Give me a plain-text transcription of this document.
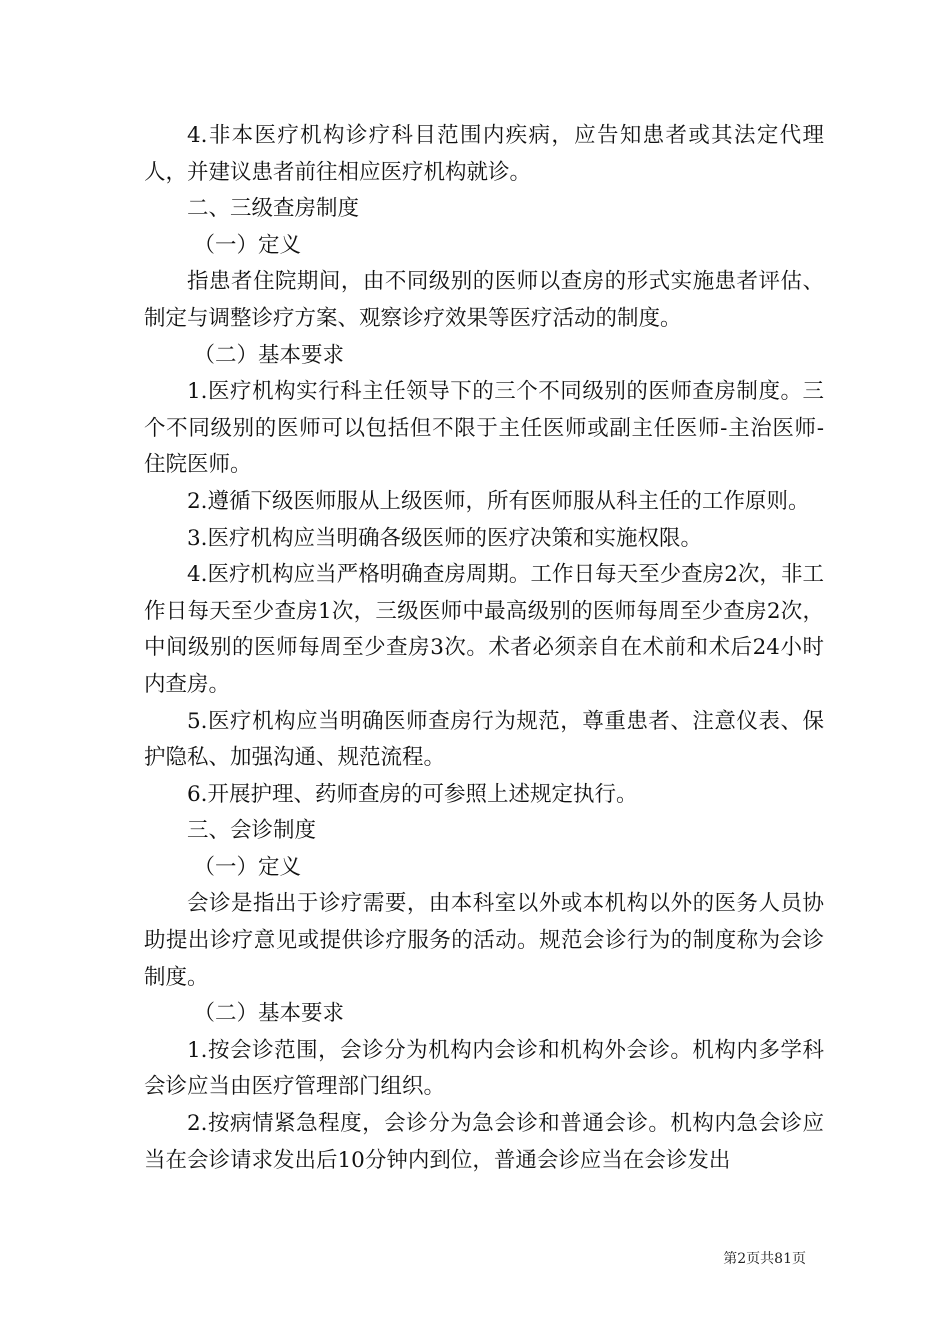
4.非本医疗机构诊疗科目范围内疾病，应告知患者或其法定代理人，并建议患者前往相应医疗机构就诊。

二、三级查房制度

（一）定义

指患者住院期间，由不同级别的医师以查房的形式实施患者评估、制定与调整诊疗方案、观察诊疗效果等医疗活动的制度。

（二）基本要求

1.医疗机构实行科主任领导下的三个不同级别的医师查房制度。三个不同级别的医师可以包括但不限于主任医师或副主任医师-主治医师-住院医师。

2.遵循下级医师服从上级医师，所有医师服从科主任的工作原则。

3.医疗机构应当明确各级医师的医疗决策和实施权限。

4.医疗机构应当严格明确查房周期。工作日每天至少查房2次，非工作日每天至少查房1次，三级医师中最高级别的医师每周至少查房2次，中间级别的医师每周至少查房3次。术者必须亲自在术前和术后24小时内查房。

5.医疗机构应当明确医师查房行为规范，尊重患者、注意仪表、保护隐私、加强沟通、规范流程。

6.开展护理、药师查房的可参照上述规定执行。

三、会诊制度

（一）定义

会诊是指出于诊疗需要，由本科室以外或本机构以外的医务人员协助提出诊疗意见或提供诊疗服务的活动。规范会诊行为的制度称为会诊制度。

（二）基本要求

1.按会诊范围，会诊分为机构内会诊和机构外会诊。机构内多学科会诊应当由医疗管理部门组织。

2.按病情紧急程度，会诊分为急会诊和普通会诊。机构内急会诊应当在会诊请求发出后10分钟内到位，普通会诊应当在会诊发出

第2页共81页
